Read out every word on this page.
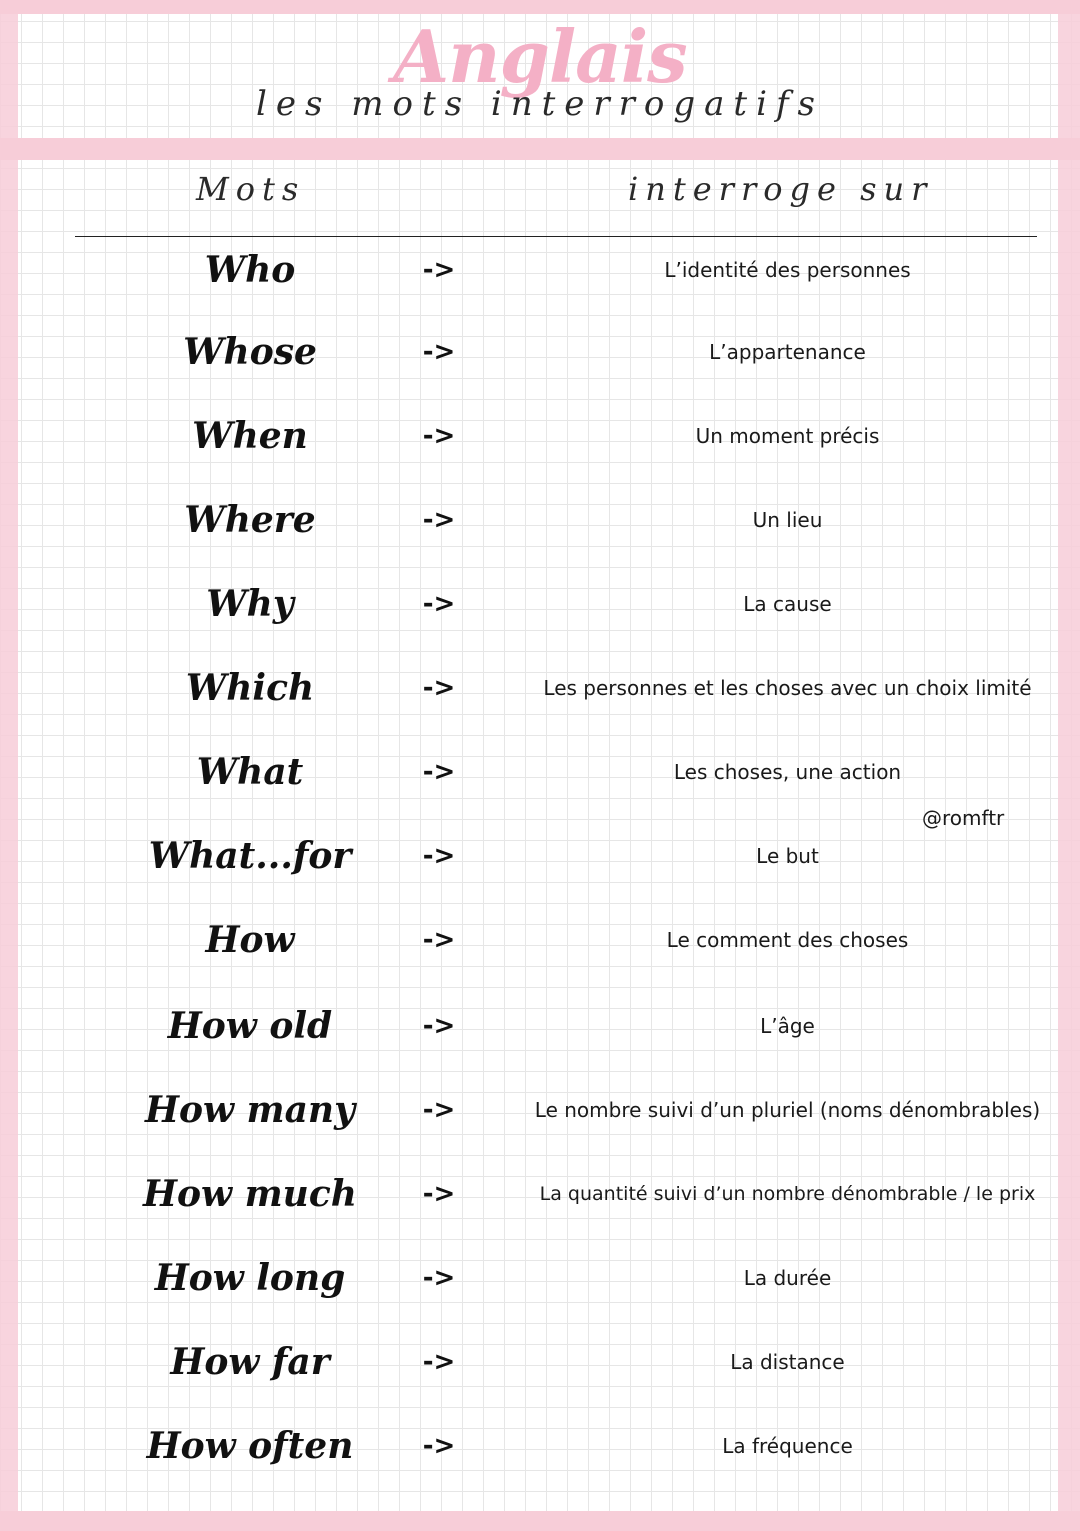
Anglais
les mots interrogatifs
Mots	interroge sur
Who	->	L’identité des personnes
Whose	->	L’appartenance
When	->	Un moment précis
Where	->	Un lieu
Why	->	La cause
Which	->	Les personnes et les choses avec un choix limité
What	->	Les choses, une action
What...for	->	Le but
How	->	Le comment des choses
How old	->	L’âge
How many	->	Le nombre suivi d’un pluriel (noms dénombrables)
How much	->	La quantité suivi d’un nombre dénombrable / le prix
How long	->	La durée
How far	->	La distance
How often	->	La fréquence
@romftr
